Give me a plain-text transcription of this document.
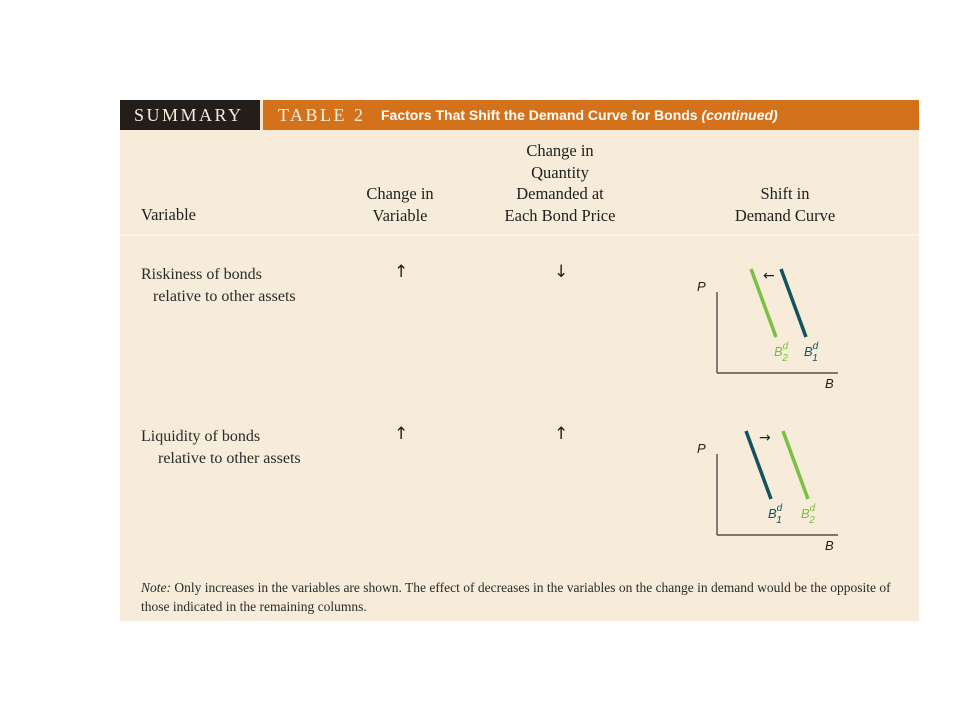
SUMMARY TABLE 2 Factors That Shift the Demand Curve for Bonds (continued)
Variable
Change in
Variable
Change in
Quantity
Demanded at
Each Bond Price
Shift in
Demand Curve
Riskiness of bonds
relative to other assets
↑	↓
P
B
←
$B^d$ 2 $B^d$ 1
Liquidity of bonds
relative to other assets
↑	↑
P
B
→
$B^d$ 1 $B^d$ 2
Note: Only increases in the variables are shown. The effect of decreases in the variables on the change in demand would be the opposite of those indicated in the remaining columns.
